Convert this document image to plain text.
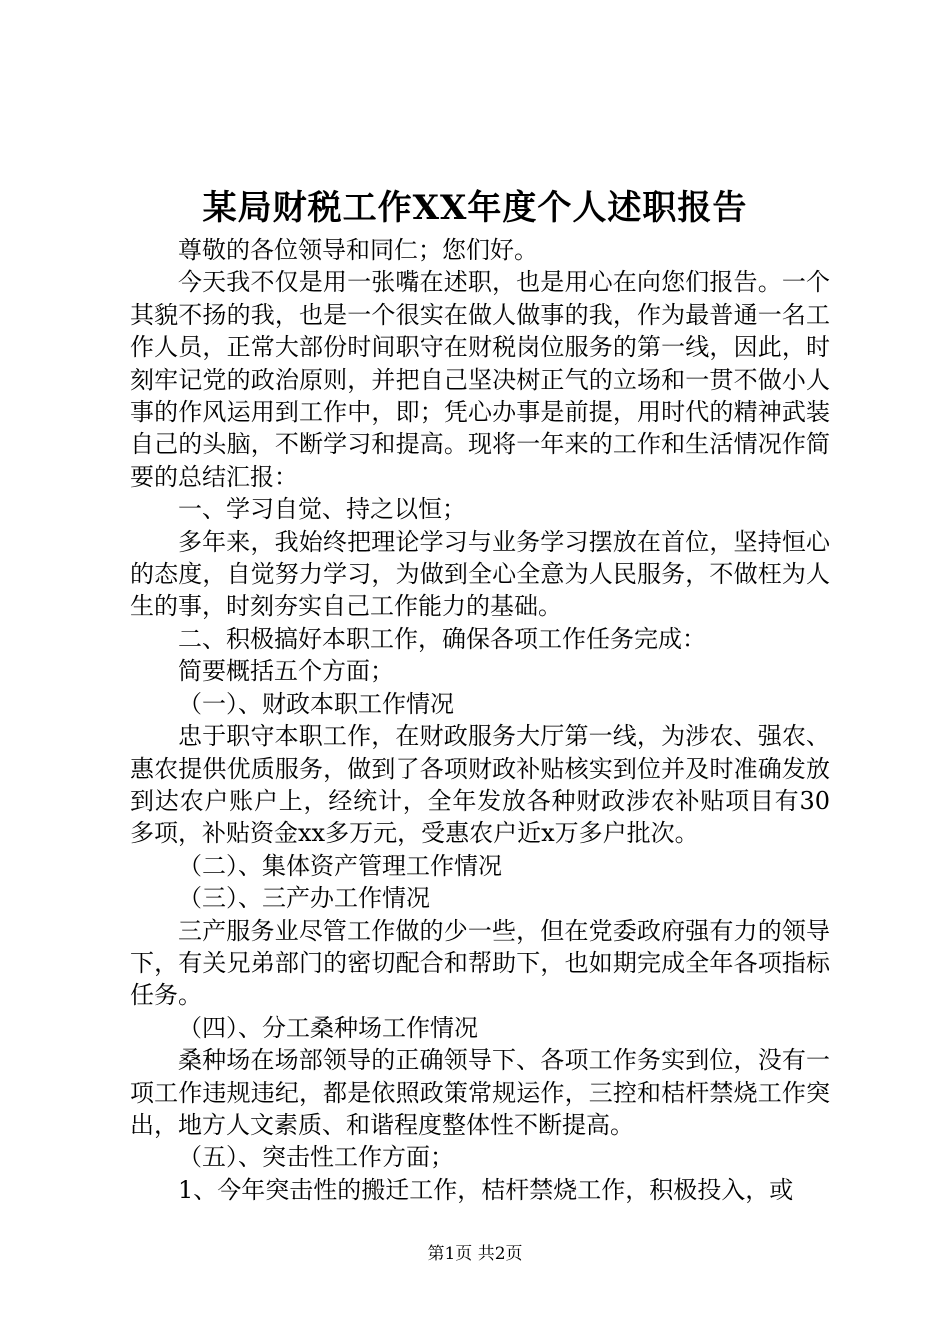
某局财税工作XX年度个人述职报告

尊敬的各位领导和同仁；您们好。

今天我不仅是用一张嘴在述职，也是用心在向您们报告。一个其貌不扬的我，也是一个很实在做人做事的我，作为最普通一名工作人员，正常大部份时间职守在财税岗位服务的第一线，因此，时刻牢记党的政治原则，并把自己坚决树正气的立场和一贯不做小人事的作风运用到工作中，即；凭心办事是前提，用时代的精神武装自己的头脑，不断学习和提高。现将一年来的工作和生活情况作简要的总结汇报：

一、学习自觉、持之以恒；

多年来，我始终把理论学习与业务学习摆放在首位，坚持恒心的态度，自觉努力学习，为做到全心全意为人民服务，不做枉为人生的事，时刻夯实自己工作能力的基础。

二、积极搞好本职工作，确保各项工作任务完成：

简要概括五个方面；

（一）、财政本职工作情况

忠于职守本职工作，在财政服务大厅第一线，为涉农、强农、惠农提供优质服务，做到了各项财政补贴核实到位并及时准确发放到达农户账户上，经统计，全年发放各种财政涉农补贴项目有30多项，补贴资金xx多万元，受惠农户近x万多户批次。

（二）、集体资产管理工作情况

（三）、三产办工作情况

三产服务业尽管工作做的少一些，但在党委政府强有力的领导下，有关兄弟部门的密切配合和帮助下，也如期完成全年各项指标任务。

（四）、分工桑种场工作情况

桑种场在场部领导的正确领导下、各项工作务实到位，没有一项工作违规违纪，都是依照政策常规运作，三控和桔杆禁烧工作突出，地方人文素质、和谐程度整体性不断提高。

（五）、突击性工作方面；

1、今年突击性的搬迁工作，桔杆禁烧工作，积极投入，或

第1页 共2页
